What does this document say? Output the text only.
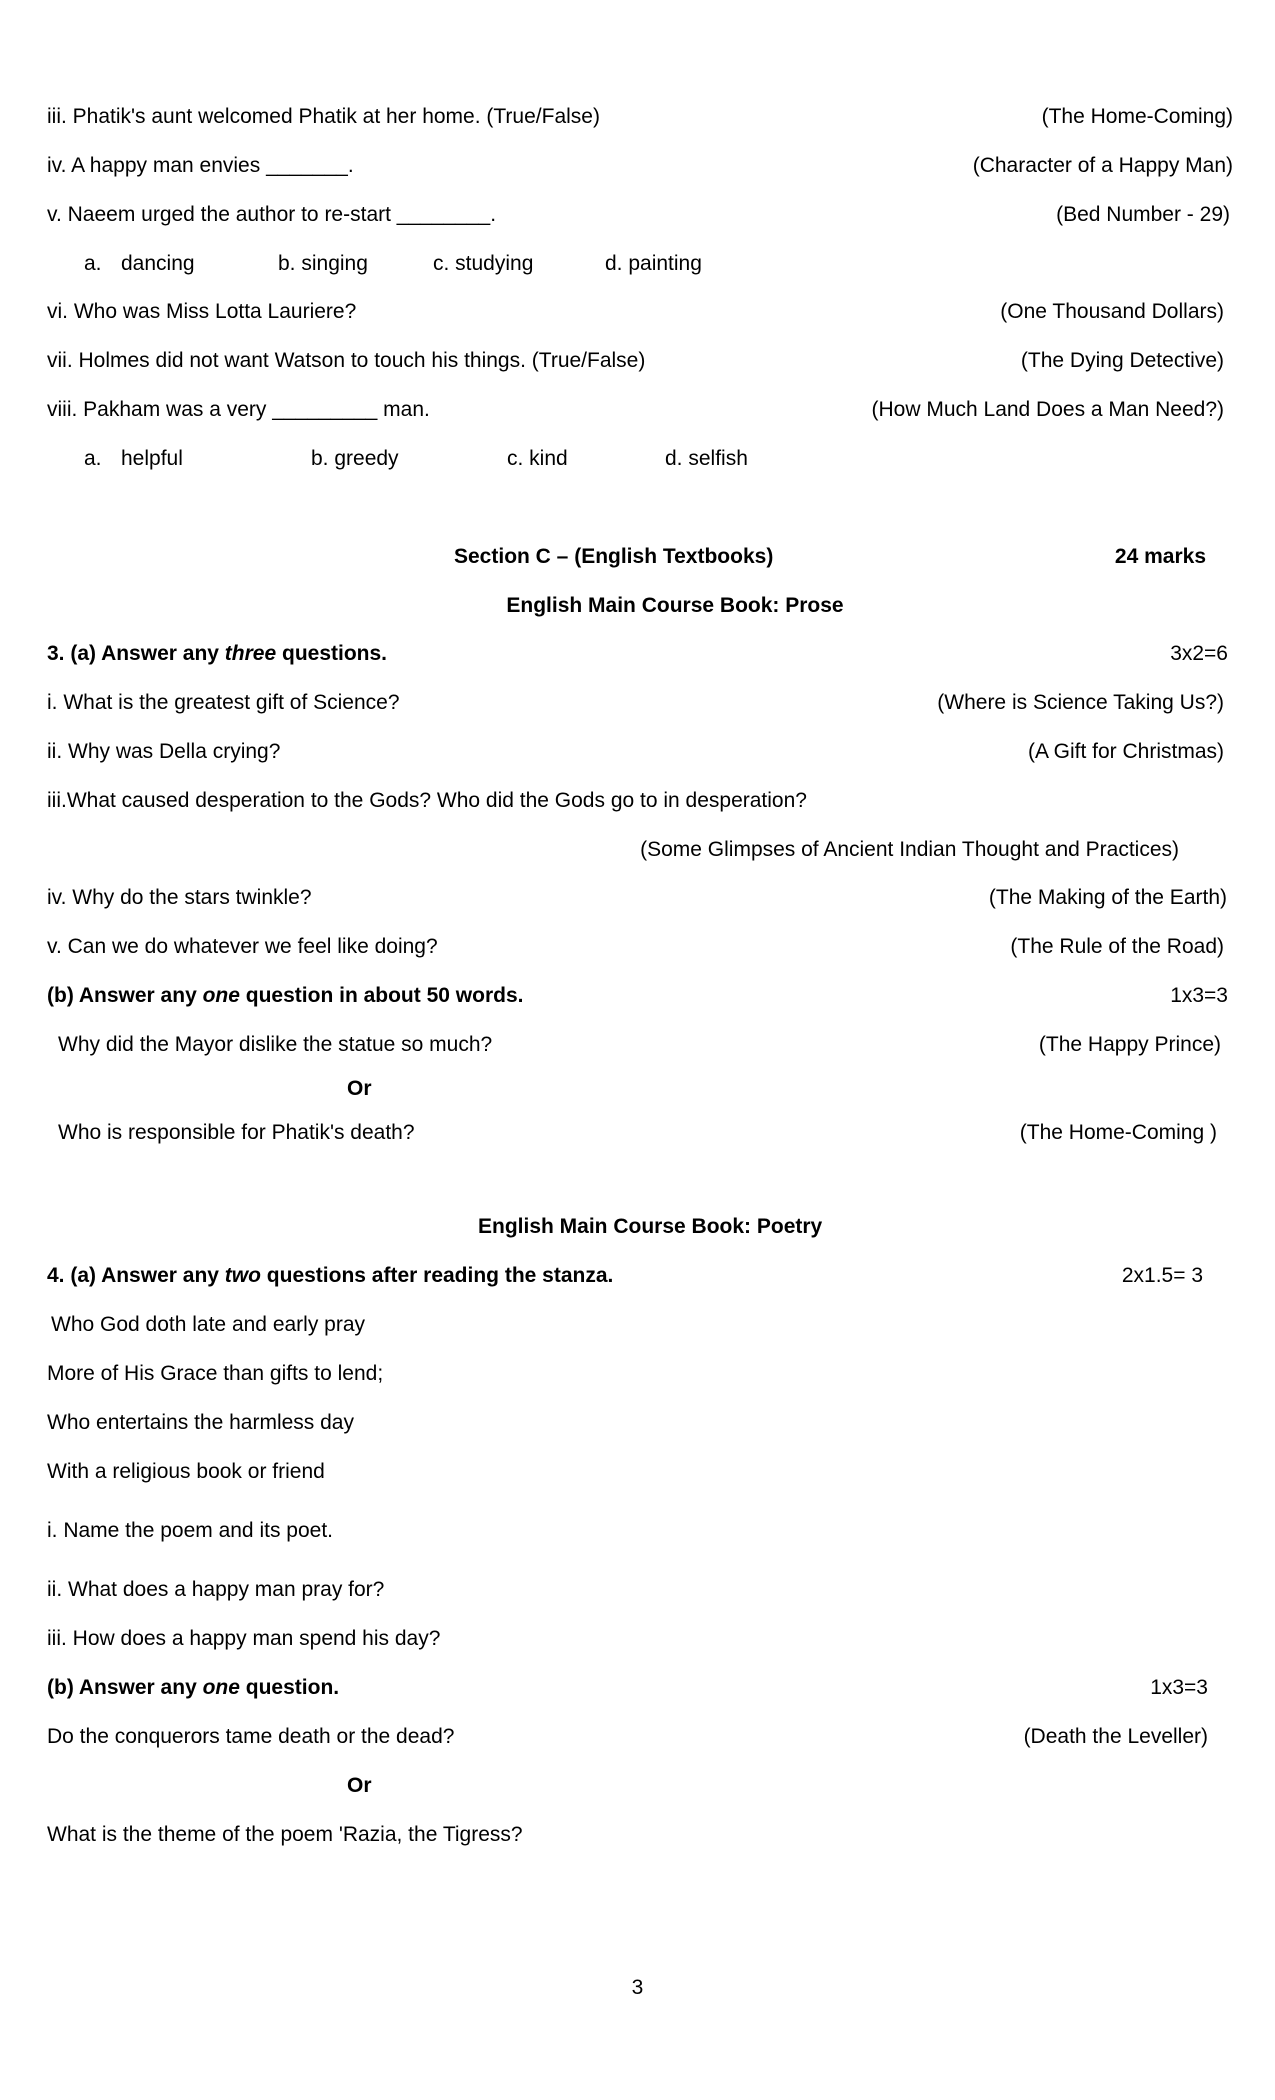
iii. Phatik's aunt welcomed Phatik at her home. (True/False)	(The Home-Coming)
iv. A happy man envies _______.	(Character of a Happy Man)
v. Naeem urged the author to re-start ________.	(Bed Number - 29)
a. dancing	b. singing	c. studying	d. painting
vi. Who was Miss Lotta Lauriere?	(One Thousand Dollars)
vii. Holmes did not want Watson to touch his things. (True/False)	(The Dying Detective)
viii. Pakham was a very _________ man.	(How Much Land Does a Man Need?)
a. helpful	b. greedy	c. kind	d. selfish
Section C – (English Textbooks)	24 marks
English Main Course Book: Prose
3. (a) Answer any three questions.	3x2=6
i. What is the greatest gift of Science?	(Where is Science Taking Us?)
ii. Why was Della crying?	(A Gift for Christmas)
iii.What caused desperation to the Gods? Who did the Gods go to in desperation?
(Some Glimpses of Ancient Indian Thought and Practices)
iv. Why do the stars twinkle?	(The Making of the Earth)
v. Can we do whatever we feel like doing?	(The Rule of the Road)
(b) Answer any one question in about 50 words.	1x3=3
Why did the Mayor dislike the statue so much?	(The Happy Prince)
Or
Who is responsible for Phatik's death?	(The Home-Coming )
English Main Course Book: Poetry
4. (a) Answer any two questions after reading the stanza.	2x1.5= 3
Who God doth late and early pray
More of His Grace than gifts to lend;
Who entertains the harmless day
With a religious book or friend
i. Name the poem and its poet.
ii. What does a happy man pray for?
iii. How does a happy man spend his day?
(b) Answer any one question.	1x3=3
Do the conquerors tame death or the dead?	(Death the Leveller)
Or
What is the theme of the poem 'Razia, the Tigress?
3
